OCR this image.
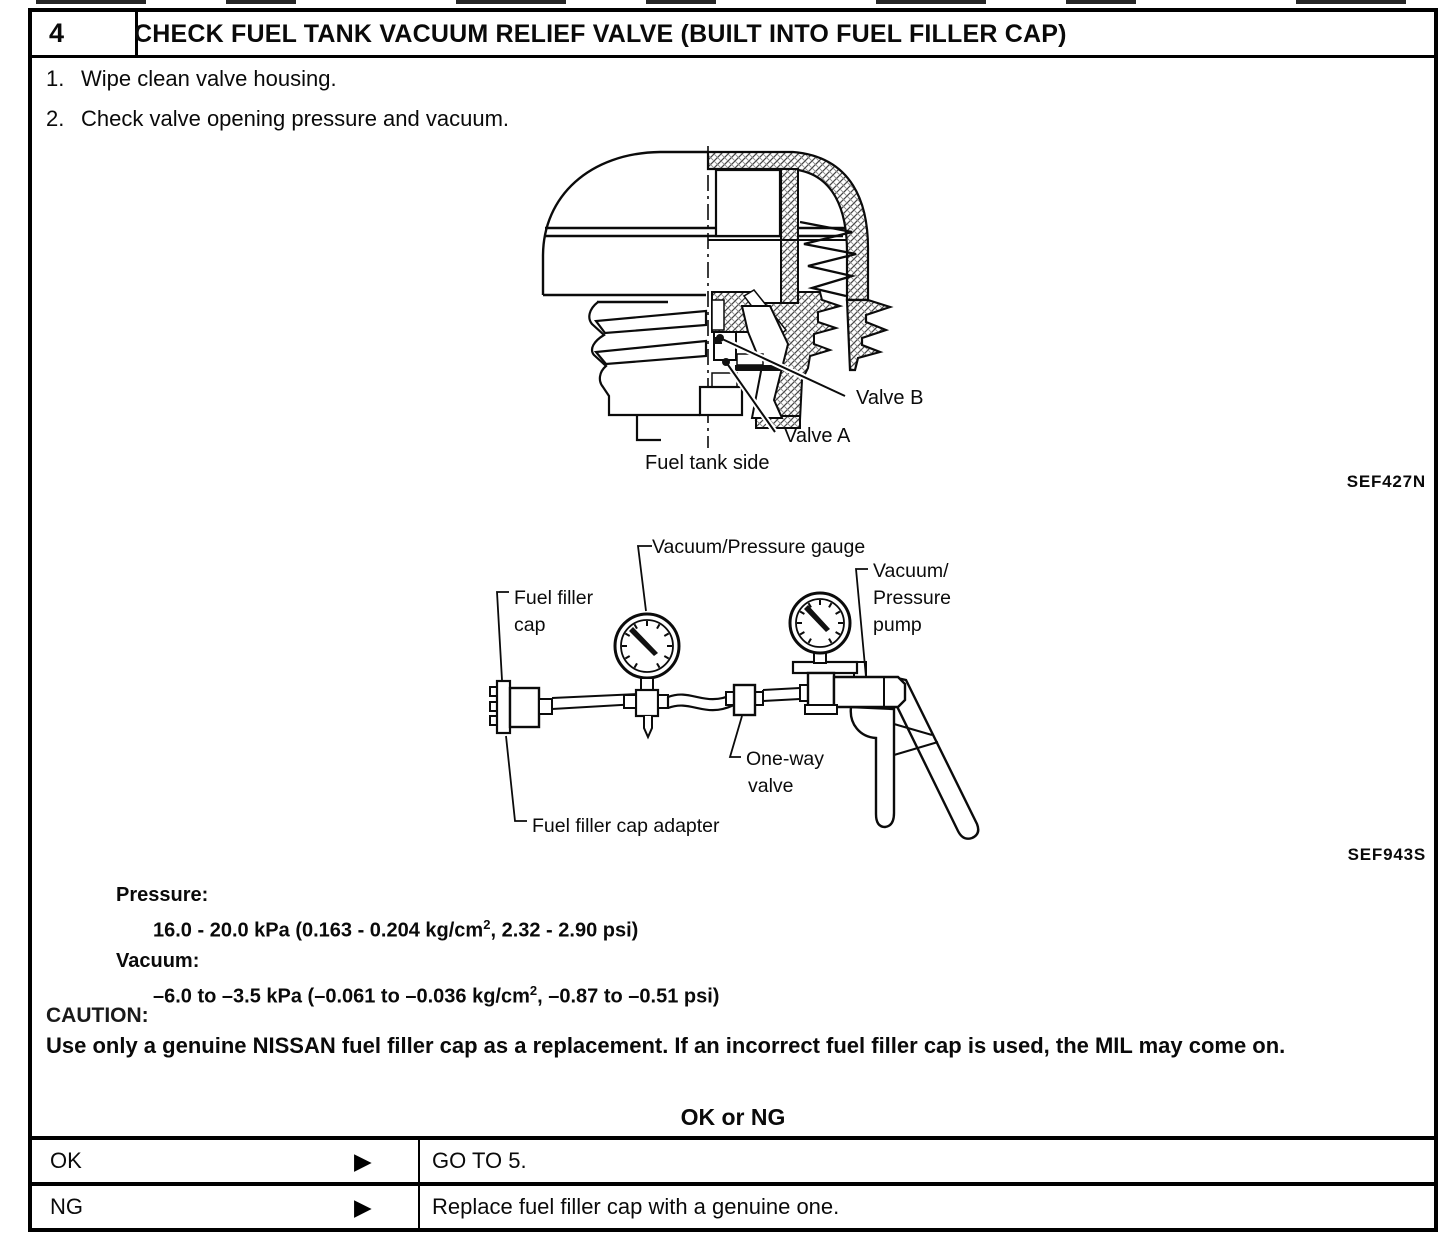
4	CHECK FUEL TANK VACUUM RELIEF VALVE (BUILT INTO FUEL FILLER CAP)
1. Wipe clean valve housing.
2. Check valve opening pressure and vacuum.
Valve B
Valve A
Fuel tank side
SEF427N
Vacuum/Pressure gauge
Vacuum/
Pressure
pump
Fuel filler
cap
One-way
valve
Fuel filler cap adapter
SEF943S
Pressure:
16.0 - 20.0 kPa (0.163 - 0.204 $kg/cm^2$, 2.32 - 2.90 psi)
Vacuum:
–6.0 to –3.5 kPa (–0.061 to –0.036 $kg/cm^2$, –0.87 to –0.51 psi)
CAUTION:
Use only a genuine NISSAN fuel filler cap as a replacement. If an incorrect fuel filler cap is used, the MIL may come on.
OK or NG
OK	▶	GO TO 5.
NG	▶	Replace fuel filler cap with a genuine one.
